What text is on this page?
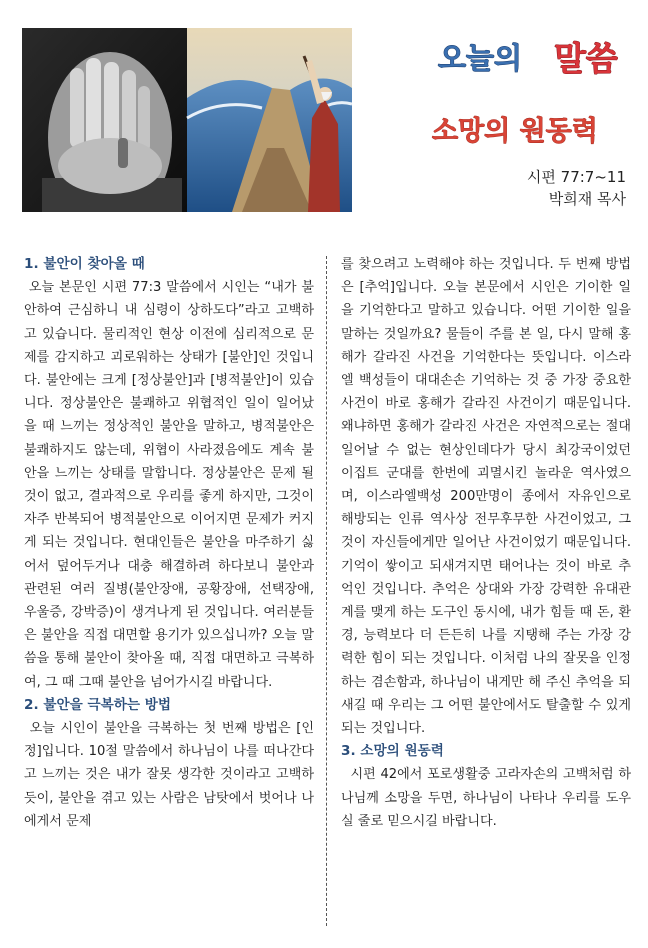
오늘의 말씀
소망의 원동력
시편 77:7~11
박희재 목사
1. 불안이 찾아올 때

오늘 본문인 시편 77:3 말씀에서 시인는 “내가 불안하여 근심하니 내 심령이 상하도다”라고 고백하고 있습니다. 물리적인 현상 이전에 심리적으로 문제를 감지하고 괴로워하는 상태가 [불안]인 것입니다. 불안에는 크게 [정상불안]과 [병적불안]이 있습니다. 정상불안은 불쾌하고 위협적인 일이 일어났을 때 느끼는 정상적인 불안을 말하고, 병적불안은 불쾌하지도 않는데, 위협이 사라졌음에도 계속 불안을 느끼는 상태를 말합니다. 정상불안은 문제 될 것이 없고, 결과적으로 우리를 좋게 하지만, 그것이 자주 반복되어 병적불안으로 이어지면 문제가 커지게 되는 것입니다. 현대인들은 불안을 마주하기 싫어서 덮어두거나 대충 해결하려 하다보니 불안과 관련된 여러 질병(불안장애, 공황장애, 선택장애, 우울증, 강박증)이 생겨나게 된 것입니다. 여러분들은 불안을 직접 대면할 용기가 있으십니까? 오늘 말씀을 통해 불안이 찾아올 때, 직접 대면하고 극복하여, 그 때 그때 불안을 넘어가시길 바랍니다.

2. 불안을 극복하는 방법

오늘 시인이 불안을 극복하는 첫 번째 방법은 [인정]입니다. 10절 말씀에서 하나님이 나를 떠나간다고 느끼는 것은 내가 잘못 생각한 것이라고 고백하듯이, 불안을 겪고 있는 사람은 남탓에서 벗어나 나에게서 문제

를 찾으려고 노력해야 하는 것입니다. 두 번째 방법은 [추억]입니다. 오늘 본문에서 시인은 기이한 일을 기억한다고 말하고 있습니다. 어떤 기이한 일을 말하는 것일까요? 물들이 주를 본 일, 다시 말해 홍해가 갈라진 사건을 기억한다는 뜻입니다. 이스라엘 백성들이 대대손손 기억하는 것 중 가장 중요한 사건이 바로 홍해가 갈라진 사건이기 때문입니다. 왜냐하면 홍해가 갈라진 사건은 자연적으로는 절대 일어날 수 없는 현상인데다가 당시 최강국이었던 이집트 군대를 한번에 괴멸시킨 놀라운 역사였으며, 이스라엘백성 200만명이 종에서 자유인으로 해방되는 인류 역사상 전무후무한 사건이었고, 그것이 자신들에게만 일어난 사건이었기 때문입니다. 기억이 쌓이고 되새겨지면 태어나는 것이 바로 추억인 것입니다. 추억은 상대와 가장 강력한 유대관계를 맺게 하는 도구인 동시에, 내가 힘들 때 돈, 환경, 능력보다 더 든든히 나를 지탱해 주는 가장 강력한 힘이 되는 것입니다. 이처럼 나의 잘못을 인정하는 겸손함과, 하나님이 내게만 해 주신 추억을 되새길 때 우리는 그 어떤 불안에서도 탈출할 수 있게 되는 것입니다.

3. 소망의 원동력

시편 42에서 포로생활중 고라자손의 고백처럼 하나님께 소망을 두면, 하나님이 나타나 우리를 도우실 줄로 믿으시길 바랍니다.
